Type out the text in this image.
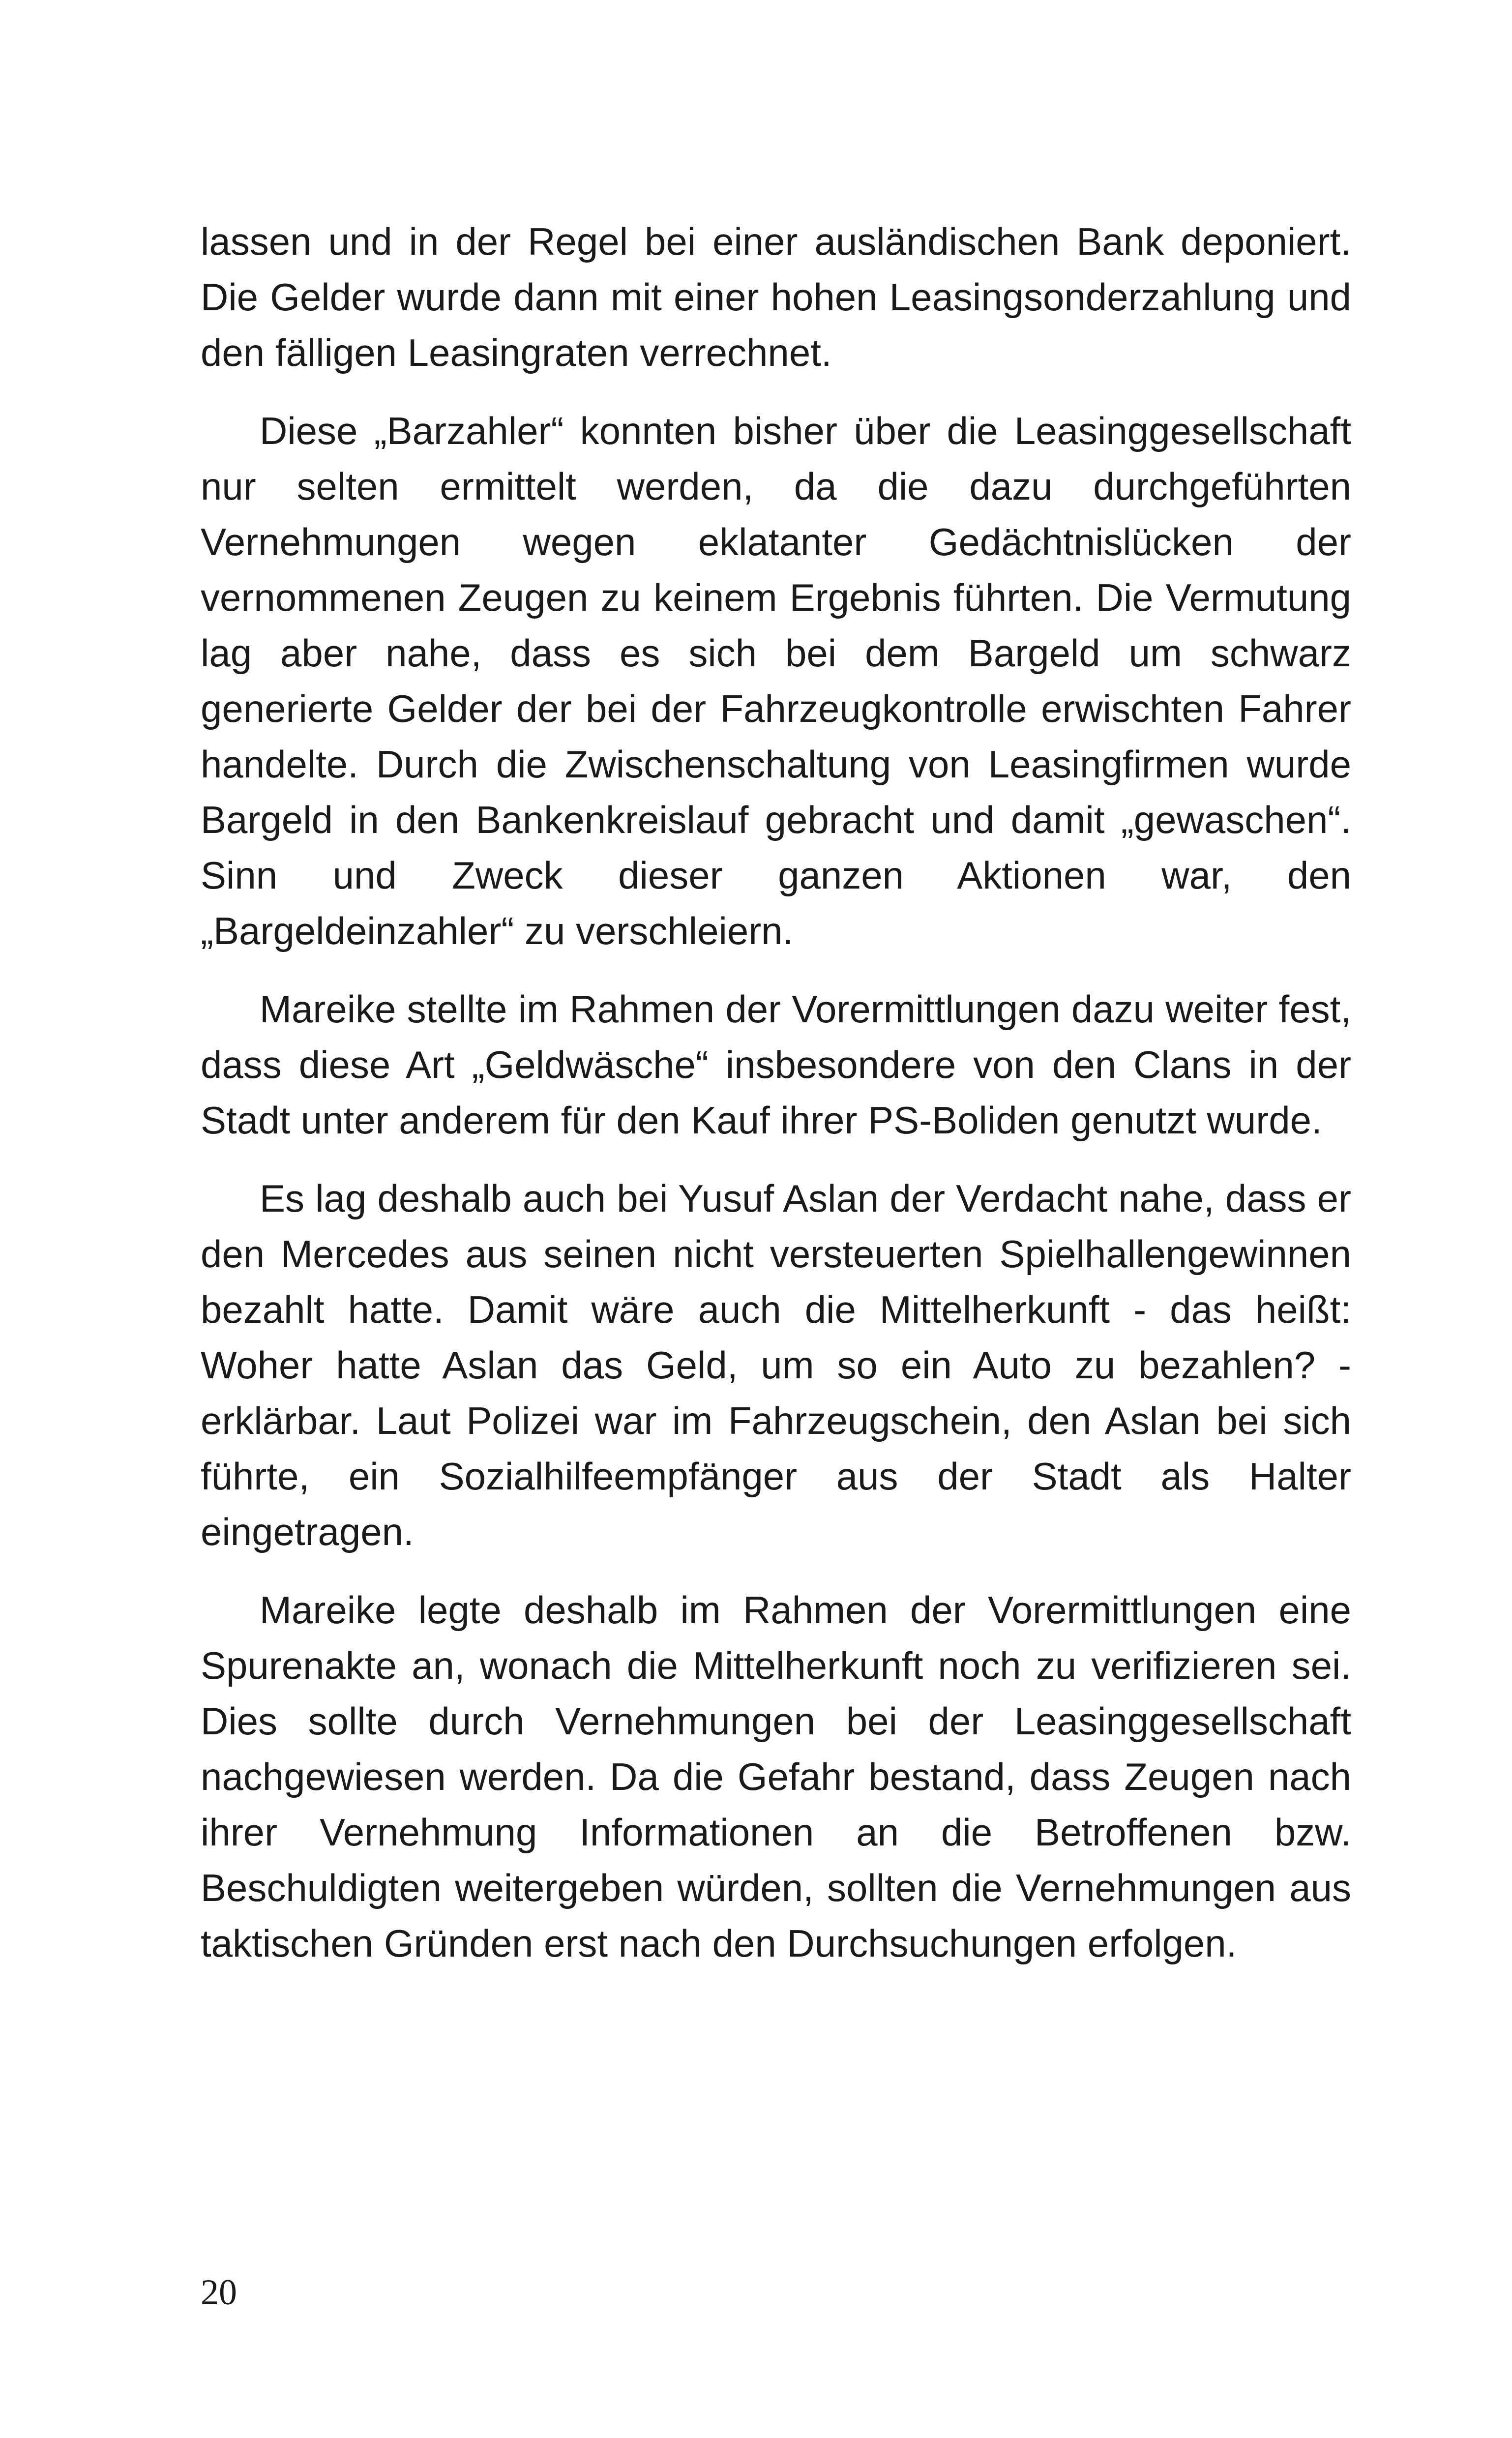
lassen und in der Regel bei einer ausländischen Bank deponiert. Die Gelder wurde dann mit einer hohen Leasingsonderzahlung und den fälligen Leasingraten verrechnet.

Diese „Barzahler“ konnten bisher über die Leasinggesellschaft nur selten ermittelt werden, da die dazu durchgeführten Vernehmungen wegen eklatanter Gedächtnislücken der vernommenen Zeugen zu keinem Ergebnis führten. Die Vermutung lag aber nahe, dass es sich bei dem Bargeld um schwarz generierte Gelder der bei der Fahrzeugkontrolle erwischten Fahrer handelte. Durch die Zwischenschaltung von Leasingfirmen wurde Bargeld in den Bankenkreislauf gebracht und damit „gewaschen“. Sinn und Zweck dieser ganzen Aktionen war, den „Bargeldeinzahler“ zu verschleiern.

Mareike stellte im Rahmen der Vorermittlungen dazu weiter fest, dass diese Art „Geldwäsche“ insbesondere von den Clans in der Stadt unter anderem für den Kauf ihrer PS-Boliden genutzt wurde.

Es lag deshalb auch bei Yusuf Aslan der Verdacht nahe, dass er den Mercedes aus seinen nicht versteuerten Spielhallengewinnen bezahlt hatte. Damit wäre auch die Mittelherkunft - das heißt: Woher hatte Aslan das Geld, um so ein Auto zu bezahlen? - erklärbar. Laut Polizei war im Fahrzeugschein, den Aslan bei sich führte, ein Sozialhilfeempfänger aus der Stadt als Halter eingetragen.

Mareike legte deshalb im Rahmen der Vorermittlungen eine Spurenakte an, wonach die Mittelherkunft noch zu verifizieren sei. Dies sollte durch Vernehmungen bei der Leasinggesellschaft nachgewiesen werden. Da die Gefahr bestand, dass Zeugen nach ihrer Vernehmung Informationen an die Betroffenen bzw. Beschuldigten weitergeben würden, sollten die Vernehmungen aus taktischen Gründen erst nach den Durchsuchungen erfolgen.

20
